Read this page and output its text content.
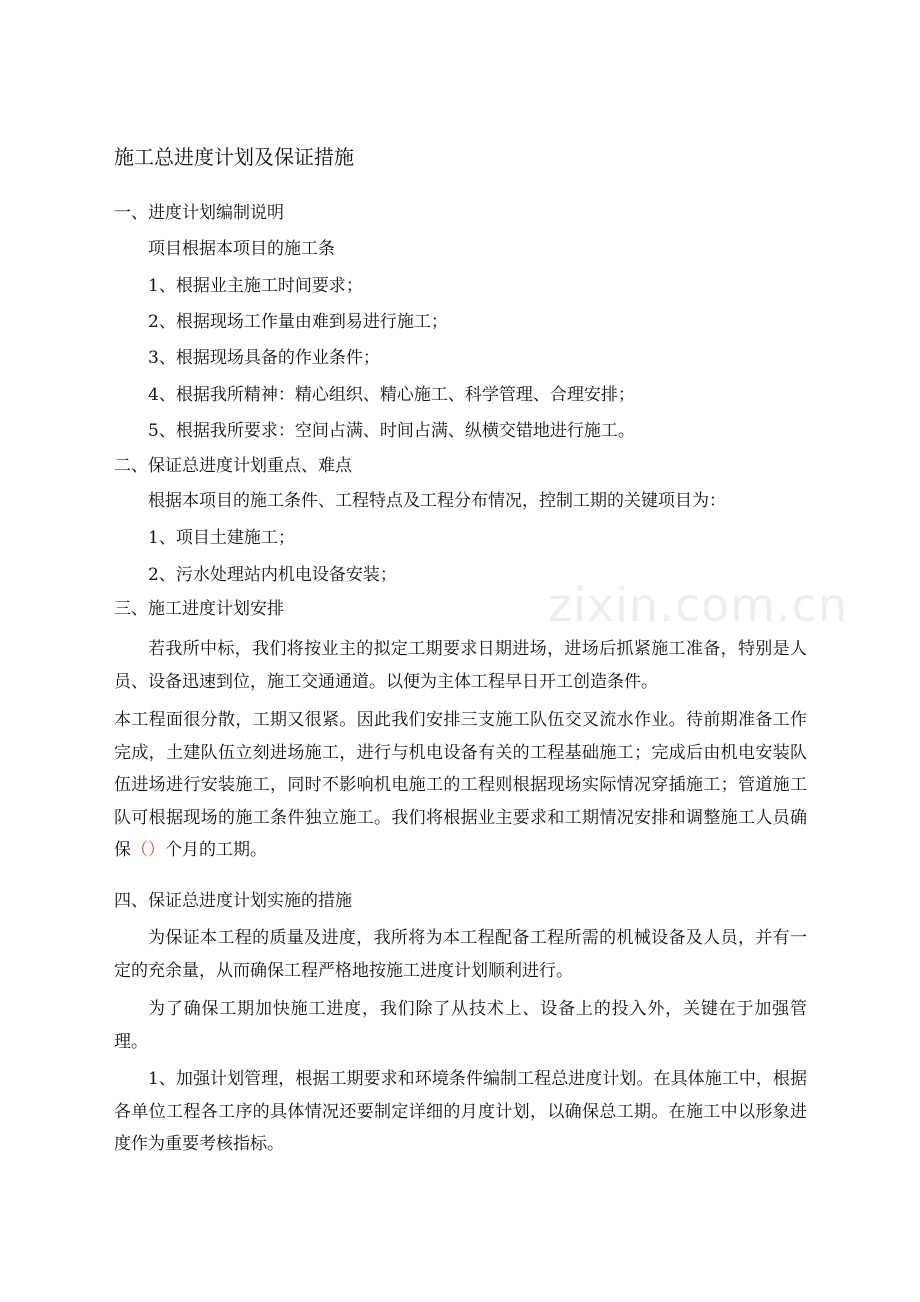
zixin.com.cn
施工总进度计划及保证措施
一、进度计划编制说明
项目根据本项目的施工条
1、根据业主施工时间要求；
2、根据现场工作量由难到易进行施工；
3、根据现场具备的作业条件；
4、根据我所精神：精心组织、精心施工、科学管理、合理安排；
5、根据我所要求：空间占满、时间占满、纵横交错地进行施工。
二、保证总进度计划重点、难点
根据本项目的施工条件、工程特点及工程分布情况，控制工期的关键项目为：
1、项目土建施工；
2、污水处理站内机电设备安装；
三、施工进度计划安排
若我所中标，我们将按业主的拟定工期要求日期进场，进场后抓紧施工准备，特别是人员、设备迅速到位，施工交通通道。以便为主体工程早日开工创造条件。
本工程面很分散，工期又很紧。因此我们安排三支施工队伍交叉流水作业。待前期准备工作完成，土建队伍立刻进场施工，进行与机电设备有关的工程基础施工；完成后由机电安装队伍进场进行安装施工，同时不影响机电施工的工程则根据现场实际情况穿插施工；管道施工队可根据现场的施工条件独立施工。我们将根据业主要求和工期情况安排和调整施工人员确保（）个月的工期。
四、保证总进度计划实施的措施
为保证本工程的质量及进度，我所将为本工程配备工程所需的机械设备及人员，并有一定的充余量，从而确保工程严格地按施工进度计划顺利进行。
为了确保工期加快施工进度，我们除了从技术上、设备上的投入外，关键在于加强管理。
1、加强计划管理，根据工期要求和环境条件编制工程总进度计划。在具体施工中，根据各单位工程各工序的具体情况还要制定详细的月度计划，以确保总工期。在施工中以形象进度作为重要考核指标。
